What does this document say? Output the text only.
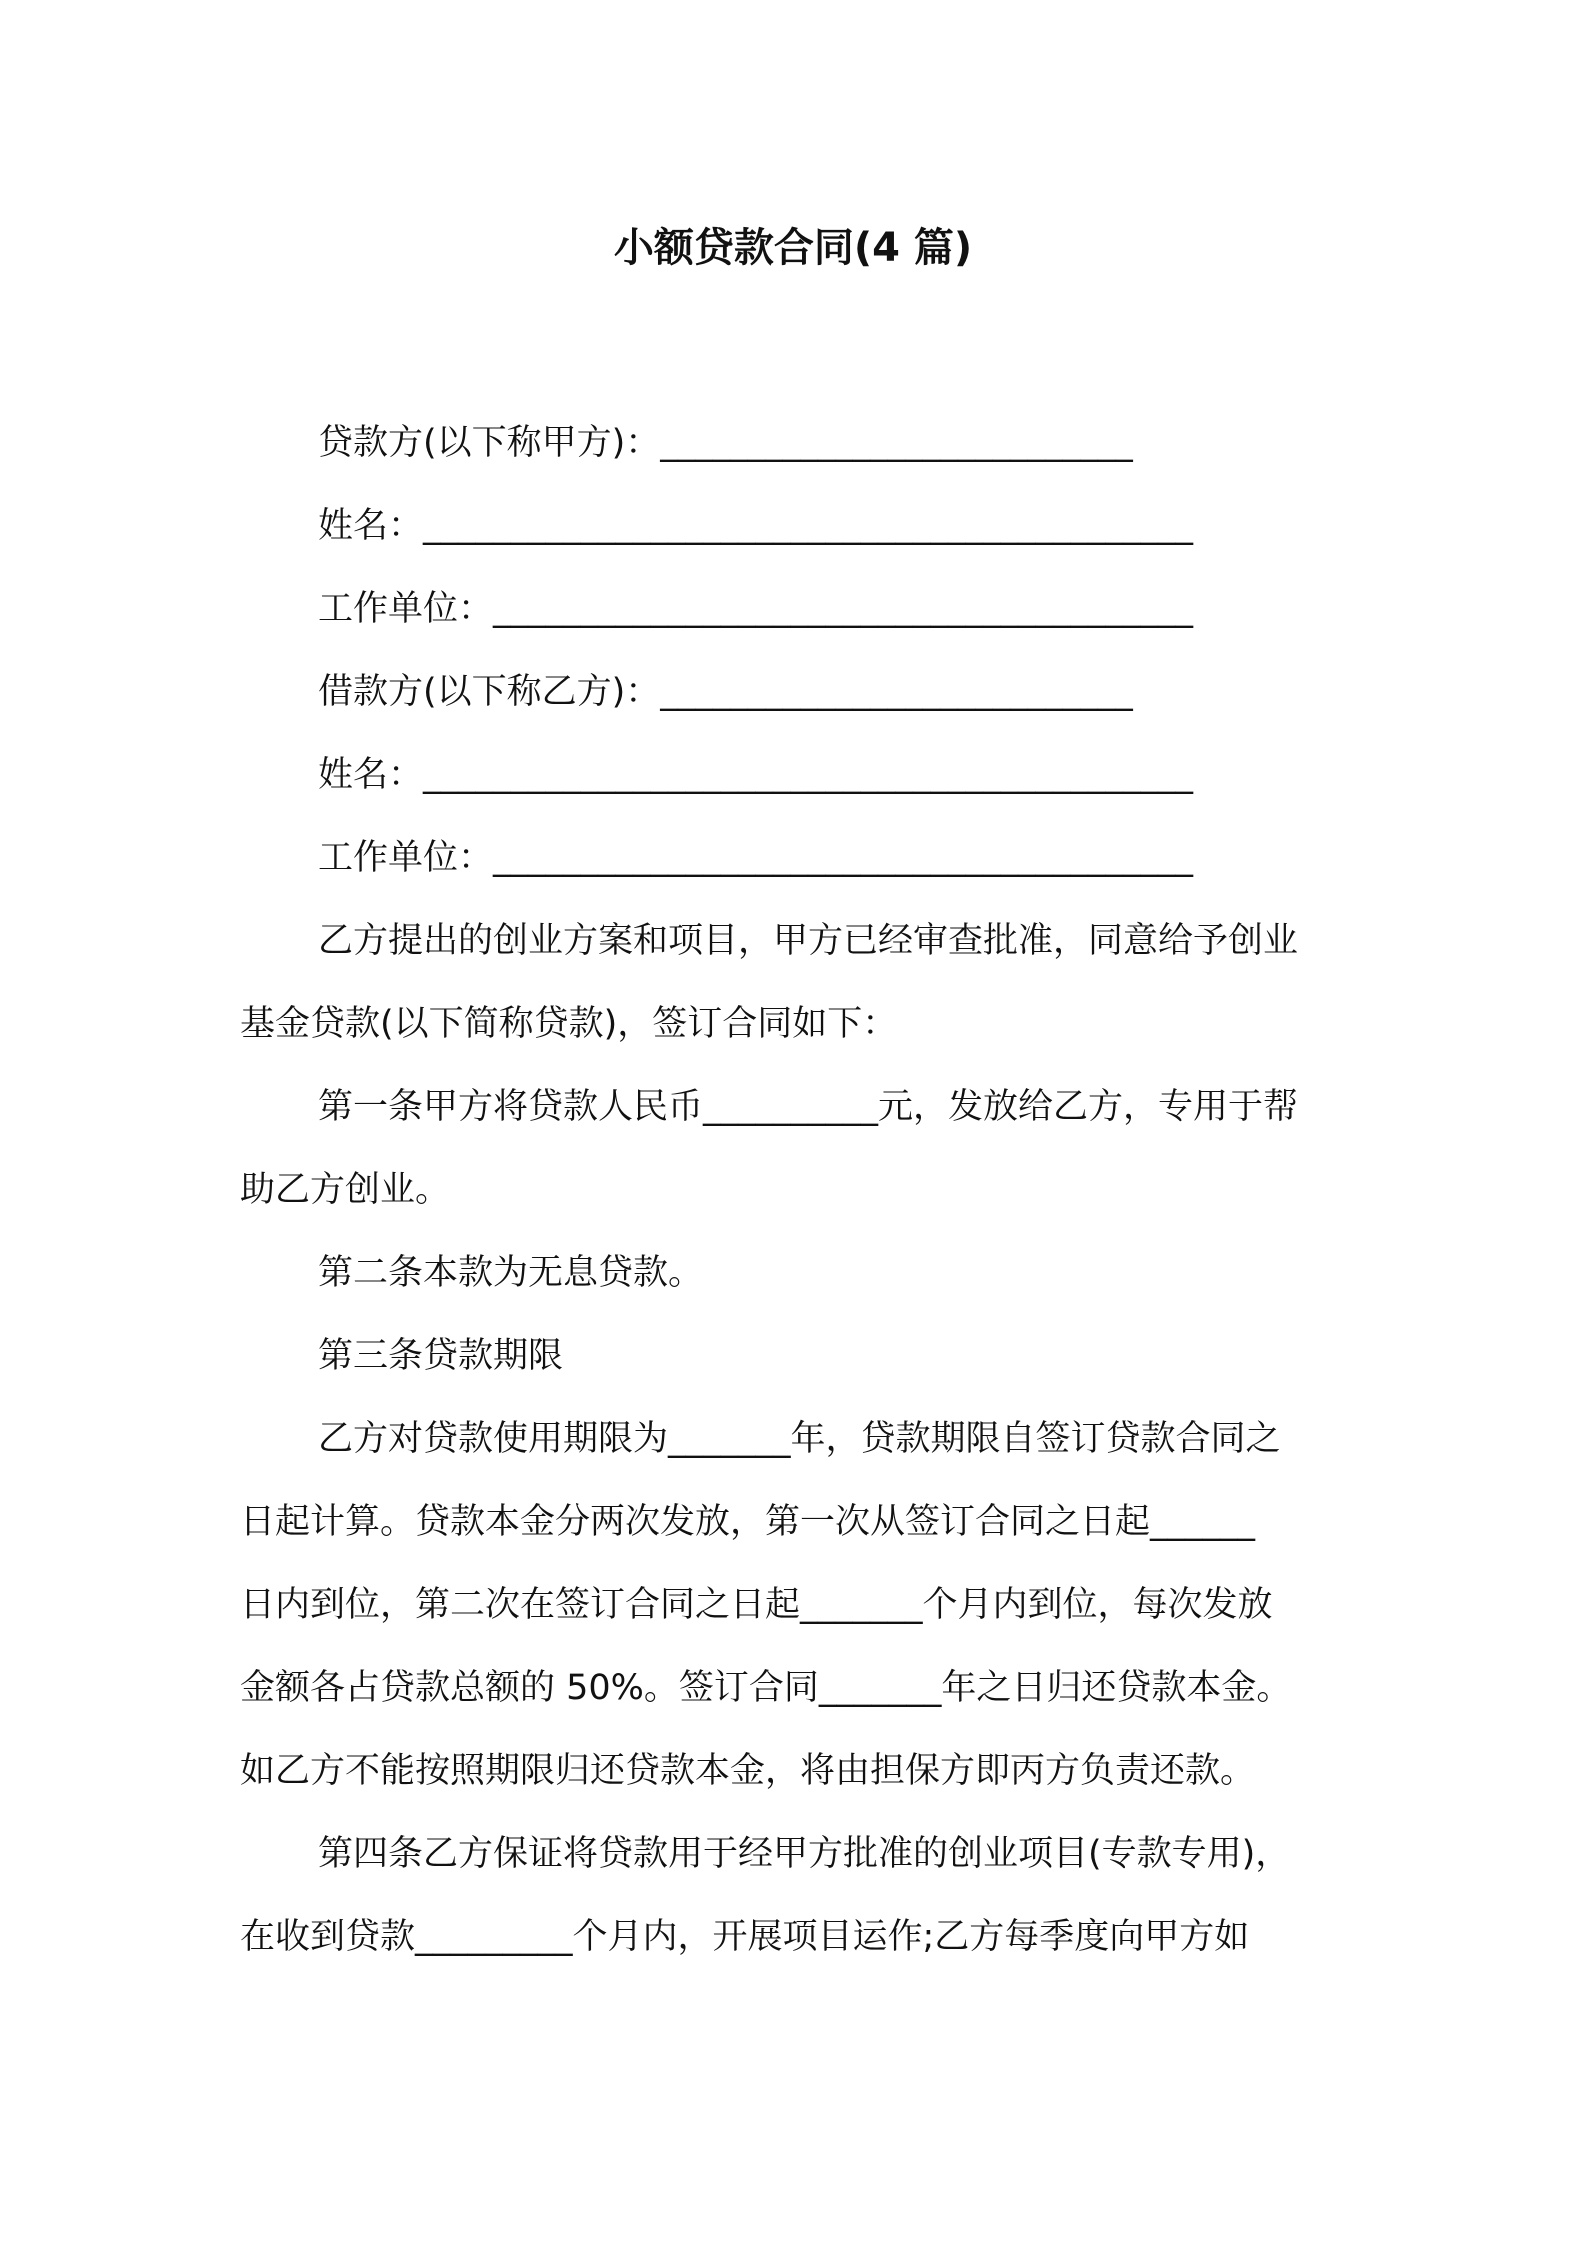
小额贷款合同(4 篇)
贷款方(以下称甲方)：___________________________
姓名：____________________________________________
工作单位：________________________________________
借款方(以下称乙方)：___________________________
姓名：____________________________________________
工作单位：________________________________________
乙方提出的创业方案和项目，甲方已经审查批准，同意给予创业
基金贷款(以下简称贷款)，签订合同如下：
第一条甲方将贷款人民币__________元，发放给乙方，专用于帮
助乙方创业。
第二条本款为无息贷款。
第三条贷款期限
乙方对贷款使用期限为_______年，贷款期限自签订贷款合同之
日起计算。贷款本金分两次发放，第一次从签订合同之日起______
日内到位，第二次在签订合同之日起_______个月内到位，每次发放
金额各占贷款总额的 50%。签订合同_______年之日归还贷款本金。
如乙方不能按照期限归还贷款本金，将由担保方即丙方负责还款。
第四条乙方保证将贷款用于经甲方批准的创业项目(专款专用)，
在收到贷款_________个月内，开展项目运作;乙方每季度向甲方如
